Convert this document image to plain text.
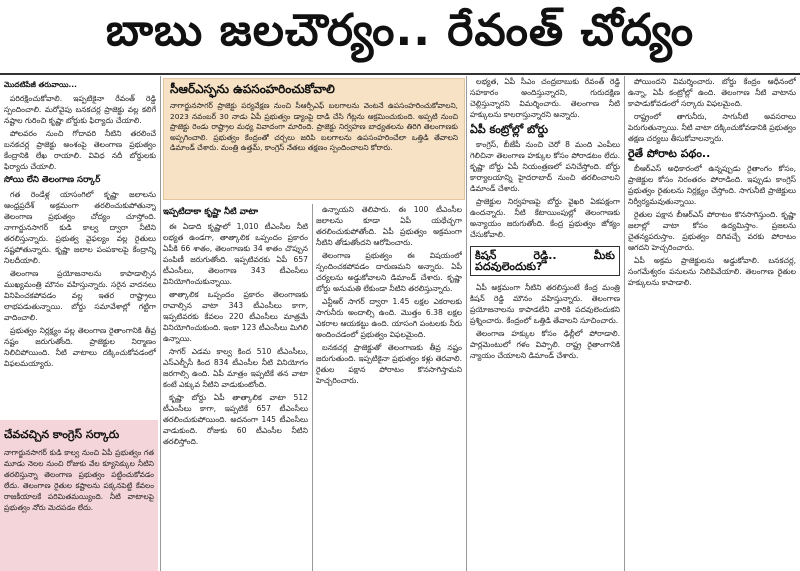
బాబు జలచౌర్యం.. రేవంత్ చోద్యం
మొదటిపేజీ తరువాయి...

పరిరక్షించుకోవాలి. ఇప్పటికైనా రేవంత్ రెడ్డి స్పందించాలి. మరోవైపు బనకచర్ల ప్రాజెక్టు వల్ల కలిగే నష్టాల గురించి కృష్ణా బోర్డుకు ఫిర్యాదు చేయాలి.

పోలవరం నుంచి గోదావరి నీటిని తరలించే బనకచర్ల ప్రాజెక్టు అంశంపై తెలంగాణ ప్రభుత్వం కేంద్రానికి లేఖ రాయాలి. వివిధ నదీ బోర్డులకు ఫిర్యాదు చేయాలి.

సోయి లేని తెలంగాణ సర్కార్

గత రెండేళ్ల యాసంగిలో కృష్ణా జలాలను ఆంధ్రప్రదేశ్ అక్రమంగా తరలించుకుపోతున్నా తెలంగాణ ప్రభుత్వం చోద్యం చూస్తోంది. నాగార్జునసాగర్ కుడి కాల్వ ద్వారా నీటిని తరలిస్తున్నారు. ప్రభుత్వ వైఫల్యం వల్ల రైతులు నష్టపోతున్నారు. కృష్ణా జలాల పంపకాలపై కేంద్రాన్ని నిలదీయాలి.

తెలంగాణ ప్రయోజనాలను కాపాడాల్సిన ముఖ్యమంత్రి మౌనం వహిస్తున్నారు. సరైన వాదనలు వినిపించకపోవడం వల్ల ఇతర రాష్ట్రాలు లాభపడుతున్నాయి. బోర్డు సమావేశాల్లో గట్టిగా వాదించాలి.

ప్రభుత్వం నిర్లక్ష్యం వల్ల తెలంగాణ రైతాంగానికి తీవ్ర నష్టం జరుగుతోంది. ప్రాజెక్టుల నిర్మాణం నిలిచిపోయింది. నీటి వాటాలు దక్కించుకోవడంలో విఫలమయ్యారు.

చేవచచ్చిన కాంగ్రెస్ సర్కారు
నాగార్జునసాగర్ కుడి కాల్వ నుంచి ఏపీ ప్రభుత్వం గత మూడు నెలల నుంచి రోజుకు వేల క్యూసెక్కుల నీటిని తరలిస్తున్నా తెలంగాణ ప్రభుత్వం పట్టించుకోవడం లేదు. తెలంగాణ రైతుల కష్టాలను పక్కనపెట్టి కేవలం రాజకీయాలకే పరిమితమయ్యింది. నీటి వాటాలపై ప్రభుత్వం నోరు మెదపడం లేదు.
సీఆర్ఎస్ఫను ఉపసంహరించుకోవాలి
నాగార్జునసాగర్ ప్రాజెక్టు పర్యవేక్షణ నుంచి సీఆర్పీఎఫ్ బలగాలను వెంటనే ఉపసంహరించుకోవాలని, 2023 నవంబర్ 30 నాడు ఏపీ ప్రభుత్వం డ్యాంపై దాడి చేసి గేట్లను ఆక్రమించుకుంది. అప్పటి నుంచి ప్రాజెక్టు రెండు రాష్ట్రాల మధ్య వివాదంగా మారింది. ప్రాజెక్టు నిర్వహణ బాధ్యతలను తిరిగి తెలంగాణకు అప్పగించాలి. ప్రభుత్వం కేంద్రంతో చర్చలు జరిపి బలగాలను ఉపసంహరించేలా ఒత్తిడి తేవాలని డిమాండ్ చేశారు. మంత్రి ఉత్తమ్, కాంగ్రెస్ నేతలు తక్షణం స్పందించాలని కోరారు.
ఇప్పటిదాకా కృష్ణా నీటి వాటా

ఈ ఏడాది కృష్ణాలో 1,010 టీఎంసీల నీటి లభ్యత ఉండగా, తాత్కాలిక ఒప్పందం ప్రకారం ఏపీకి 66 శాతం, తెలంగాణకు 34 శాతం చొప్పున పంపిణీ జరుగుతోంది. ఇప్పటివరకు ఏపీ 657 టీఎంసీలు, తెలంగాణ 343 టీఎంసీలు వినియోగించుకున్నాయి.

తాత్కాలిక ఒప్పందం ప్రకారం తెలంగాణకు రావాల్సిన వాటా 343 టీఎంసీలు కాగా, ఇప్పటివరకు కేవలం 220 టీఎంసీలు మాత్రమే వినియోగించుకుంది. ఇంకా 123 టీఎంసీలు మిగిలి ఉన్నాయి.

సాగర్ ఎడమ కాల్వ కింద 510 టీఎంసీలు, ఎస్ఎల్బీసీ కింద 834 టీఎంసీల నీటి వినియోగం జరగాల్సి ఉంది. ఏపీ మాత్రం ఇప్పటికే తన వాటా కంటే ఎక్కువ నీటిని వాడుకుంటోంది.

కృష్ణా బోర్డు ఏపీ తాత్కాలిక వాటా 512 టీఎంసీలు కాగా, ఇప్పటికే 657 టీఎంసీలు తరలించుకుపోయింది. అదనంగా 145 టీఎంసీలు వాడుకుంది. రోజుకు 60 టీఎంసీల నీటిని తరలిస్తోంది.

ఉన్నాయని తెలిపారు. ఈ 100 టీఎంసీల జలాలను కూడా ఏపీ యథేచ్ఛగా తరలించుకుపోతోంది. ఏపీ ప్రభుత్వం అక్రమంగా నీటిని తోడుతోందని ఆరోపించారు.

తెలంగాణ ప్రభుత్వం ఈ విషయంలో స్పందించకపోవడం దారుణమని అన్నారు. ఏపీ చర్యలను అడ్డుకోవాలని డిమాండ్ చేశారు. కృష్ణా బోర్డు అనుమతి లేకుండా నీటిని తరలిస్తున్నారు.

ఎన్టీఆర్ సాగర్ ద్వారా 1.45 లక్షల ఎకరాలకు సాగునీరు అందాల్సి ఉంది. మొత్తం 6.38 లక్షల ఎకరాల ఆయకట్టు ఉంది. యాసంగి పంటలకు నీరు అందించడంలో ప్రభుత్వం విఫలమైంది.

బనకచర్ల ప్రాజెక్టుతో తెలంగాణకు తీవ్ర నష్టం జరుగుతుంది. ఇప్పటికైనా ప్రభుత్వం కళ్లు తెరవాలి. రైతుల పక్షాన పోరాటం కొనసాగిస్తామని హెచ్చరించారు.

లభ్యత, ఏపీ సీఎం చంద్రబాబుకు రేవంత్ రెడ్డి సహకారం అందిస్తున్నారని, గురుదక్షిణ చెల్లిస్తున్నారని విమర్శించారు. తెలంగాణ నీటి హక్కులను కాలరాస్తున్నారని అన్నారు.

ఏపీ కంట్రోల్లో బోర్డు

కాంగ్రెస్, బీజేపీ నుంచి చెరో 8 మంది ఎంపీలు గెలిచినా తెలంగాణ హక్కుల కోసం పోరాడటం లేదు. కృష్ణా బోర్డు ఏపీ నియంత్రణలో పనిచేస్తోంది. బోర్డు కార్యాలయాన్ని హైదరాబాద్ నుంచి తరలించాలని డిమాండ్ చేశారు.

ప్రాజెక్టుల నిర్వహణపై బోర్డు వైఖరి ఏకపక్షంగా ఉందన్నారు. నీటి కేటాయింపుల్లో తెలంగాణకు అన్యాయం జరుగుతోంది. కేంద్ర ప్రభుత్వం జోక్యం చేసుకోవాలి.

కిషన్ రెడ్డి.. మీకు పదవులెందుకు?

ఏపీ అక్రమంగా నీటిని తరలిస్తుంటే కేంద్ర మంత్రి కిషన్ రెడ్డి మౌనం వహిస్తున్నారు. తెలంగాణ ప్రయోజనాలను కాపాడలేని వారికి పదవులెందుకని ప్రశ్నించారు. కేంద్రంలో ఒత్తిడి తేవాలని సూచించారు.

తెలంగాణ హక్కుల కోసం ఢిల్లీలో పోరాడాలి. పార్లమెంటులో గళం విప్పాలి. రాష్ట్ర రైతాంగానికి న్యాయం చేయాలని డిమాండ్ చేశారు.

పోయిందని విమర్శించారు. బోర్డు కేంద్రం ఆధీనంలో ఉన్నా, ఏపీ కంట్రోల్లో ఉంది. తెలంగాణ నీటి వాటాను కాపాడుకోవడంలో సర్కారు విఫలమైంది.

రాష్ట్రంలో తాగునీరు, సాగునీటి అవసరాలు పెరుగుతున్నాయి. నీటి వాటా దక్కించుకోవడానికి ప్రభుత్వం తక్షణ చర్యలు తీసుకోవాలన్నారు.

రైతే పోరాట పథం..

బీఆర్ఎస్ అధికారంలో ఉన్నప్పుడు రైతాంగం కోసం, ప్రాజెక్టుల కోసం నిరంతరం పోరాడింది. ఇప్పుడు కాంగ్రెస్ ప్రభుత్వం రైతులను నిర్లక్ష్యం చేస్తోంది. సాగునీటి ప్రాజెక్టులు నిర్వీర్యమవుతున్నాయి.

రైతుల పక్షాన బీఆర్ఎస్ పోరాటం కొనసాగిస్తుంది. కృష్ణా జలాల్లో వాటా కోసం ఉద్యమిస్తాం. ప్రజలను చైతన్యపరుస్తాం. ప్రభుత్వం దిగివచ్చే వరకు పోరాటం ఆగదని హెచ్చరించారు.

ఏపీ అక్రమ ప్రాజెక్టులను అడ్డుకోవాలి. బనకచర్ల, సంగమేశ్వరం పనులను నిలిపివేయాలి. తెలంగాణ రైతుల హక్కులను కాపాడాలి.
